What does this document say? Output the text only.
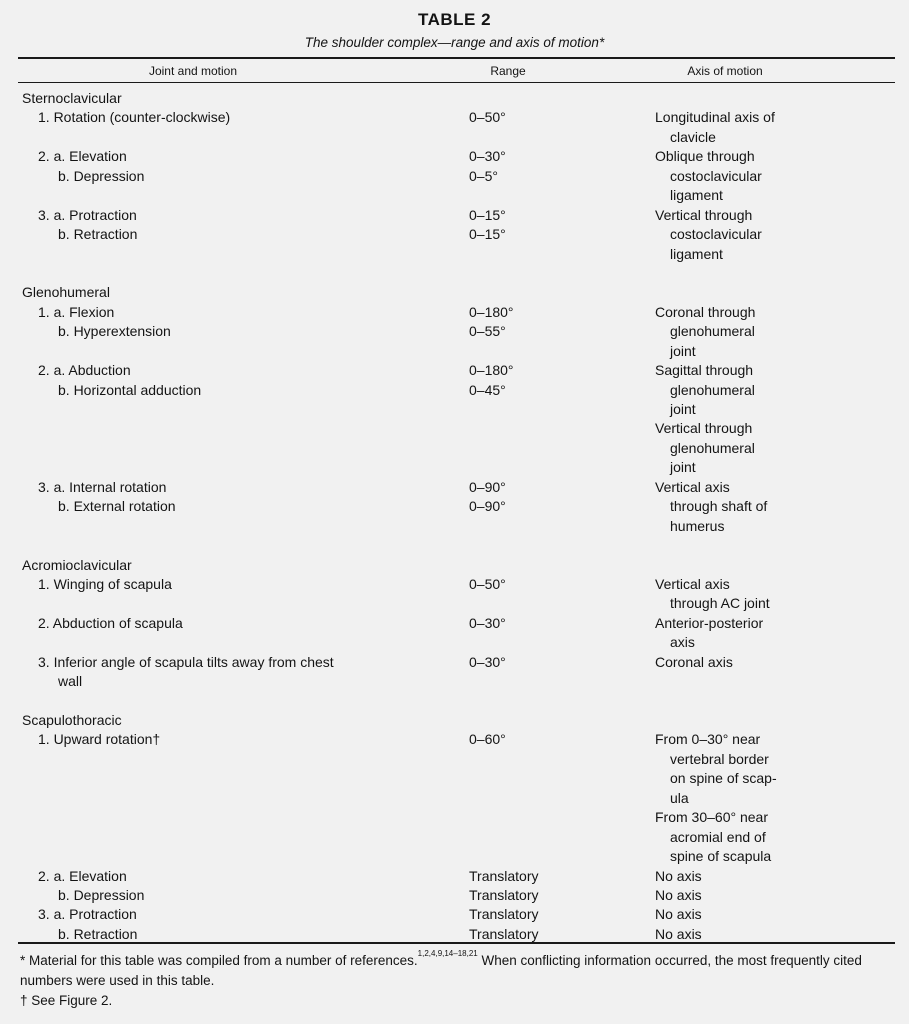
TABLE 2
The shoulder complex—range and axis of motion*
Joint and motion	Range	Axis of motion
Sternoclavicular
1. Rotation (counter-clockwise)	0–50°	Longitudinal axis of
clavicle
2. a. Elevation	0–30°	Oblique through
b. Depression	0–5°	costoclavicular
ligament
3. a. Protraction	0–15°	Vertical through
b. Retraction	0–15°	costoclavicular
ligament
Glenohumeral
1. a. Flexion	0–180°	Coronal through
b. Hyperextension	0–55°	glenohumeral
joint
2. a. Abduction	0–180°	Sagittal through
b. Horizontal adduction	0–45°	glenohumeral
joint
Vertical through
glenohumeral
joint
3. a. Internal rotation	0–90°	Vertical axis
b. External rotation	0–90°	through shaft of
humerus
Acromioclavicular
1. Winging of scapula	0–50°	Vertical axis
through AC joint
2. Abduction of scapula	0–30°	Anterior-posterior
axis
3. Inferior angle of scapula tilts away from chest	0–30°	Coronal axis
wall
Scapulothoracic
1. Upward rotation†	0–60°	From 0–30° near
vertebral border
on spine of scap-
ula
From 30–60° near
acromial end of
spine of scapula
2. a. Elevation	Translatory	No axis
b. Depression	Translatory	No axis
3. a. Protraction	Translatory	No axis
b. Retraction	Translatory	No axis

* Material for this table was compiled from a number of references.$^{1,2,4,9,14-18,21}$ When conflicting information occurred, the most frequently cited numbers were used in this table.

† See Figure 2.
